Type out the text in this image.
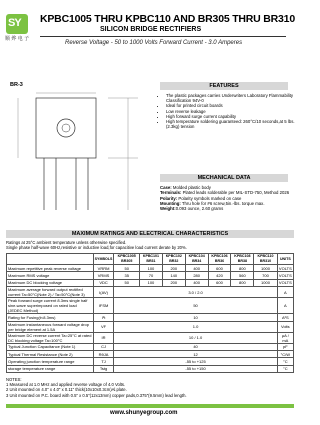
SY
顺 烨 电 子
KPBC1005 THRU KPBC110 AND BR305 THRU BR310
SILICON BRIDGE RECTIFIERS
Reverse Voltage - 50 to 1000 Volts Forward Current - 3.0 Amperes
BR-3	FEATURES
• The plastic packages carries Underwriters Laboratory Flammability Classification 94V-0
• Ideal for printed circuit boards
• Low reverse leakage
• High forward surge current capability
• High temperature soldering guaranteed: 260°C/10 seconds,at 5 lbs. (2.3kg) tension
MECHANICAL DATA
Case: Molded plastic body
Terminals: Plated leads solderable per MIL-STD-750, Method 2026
Polarity: Polarity symbols marked on case
Mounting: Thru hole for #6 screw,5in.-lbs. torque max.
Weight:0.093 ounce, 2.60 grams
MAXIMUM RATINGS AND ELECTRICAL CHARACTERISTICS
Ratings at 25°C ambient temperature unless otherwise specified.
Single phase half-wave 60Hz,resistive or inductive load,for capacitive load current derate by 20%.
	SYMBOLS	KPBC1005 BR305	KPBC101 BR31	KPBC102 BR32	KPBC104 BR34	KPBC106 BR36	KPBC108 BR38	KPBC110 BR310	UNITS
Maximum repetitive peak reverse voltage	VRRM	50	100	200	400	600	800	1000	VOLTS
Maximum RMS voltage	VRMS	35	70	140	280	420	560	700	VOLTS
Maximum DC blocking voltage	VDC	50	100	200	400	600	800	1000	VOLTS
Maximum average forward output rectified current Ta=50°C(Note 2) / Ta=50°C(Note 3)	I(AV)	3.0 / 2.0							A
Peak forward surge current 8.3ms single half sine-wave superimposed on rated load (JEDEC Method)	IFSM	50							A
Rating for Fusing(t<8.3ms)	I²t	10							A²S
Maximum instantaneous forward voltage drop per bridge element at 1.5A	VF	1.0							Volts
Maximum DC reverse current Ta=25°C at rated DC blocking voltage Ta=100°C	IR	10 / 1.0							μA / mA
Typical Junction Capacitance (Note 1)	CJ	40							pF
Typical Thermal Resistance (Note 2)	RθJA	12							°C/W
Operating junction temperature range	TJ	-55 to +125							°C
storage temperature range	Tstg	-55 to +150							°C
NOTES:
1 Measured at 1.0 MHz and applied reverse voltage of 4.0 Volts.
2 Unit mounted on 4.0" x 4.0" x 0.11" thick(10x10x0.3cm)Al.plate.
3 Unit mounted on P.C. board with 0.5" x 0.5"(12x13mm) copper pads,0.375"(9.5mm) lead length.
www.shunyegroup.com
